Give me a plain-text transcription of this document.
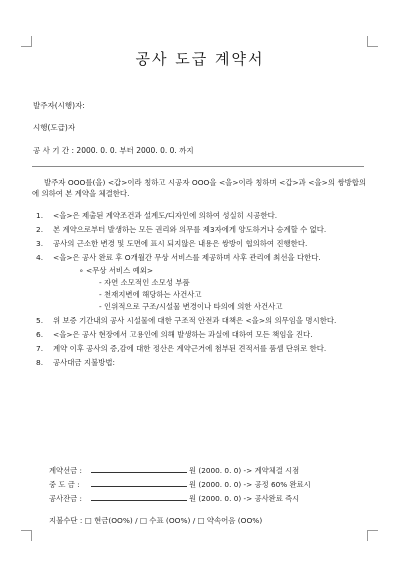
공사 도급 계약서
발주자(시행)자:
시행(도급)자
공 사 기 간 : 2000. 0. 0. 부터 2000. 0. 0. 까지

발주자 OOO를(을) <갑>이라 칭하고 시공자 OOO을 <을>이라 칭하며 <갑>과 <을>의 쌍방합의에 의하여 본 계약을 체결한다.

1. <을>은 제출된 계약조건과 설계도/디자인에 의하여 성실히 시공한다.
2. 본 계약으로부터 발생하는 모든 권리와 의무를 제3자에게 양도하거나 승계할 수 없다.
3. 공사의 근소한 변경 및 도면에 표시 되지않은 내용은 쌍방이 협의하여 진행한다.
4. <을>은 공사 완료 후 O개월간 무상 서비스를 제공하며 사후 관리에 최선을 다한다.
∘ <무상 서비스 예외>
- 자연 소모적인 소모성 부품
- 천재지변에 해당하는 사건사고
- 인위적으로 구조/시설물 변경이나 타의에 의한 사건사고
5. 위 보증 기간내의 공사 시설물에 대한 구조적 안전과 대책은 <을>의 의무임을 명시한다.
6. <을>은 공사 현장에서 고용인에 의해 발생하는 과실에 대하여 모든 책임을 진다.
7. 계약 이후 공사의 증,감에 대한 정산은 계약근거에 첨부된 견적서를 품셈 단위로 한다.
8. 공사대금 지불방법:
계약선금 :	원 (2000. 0. 0) -> 계약체결 시점
중 도 금 :	원 (2000. 0. 0) -> 공정 60% 완료시
공사잔금 :	원 (2000. 0. 0) -> 공사완료 즉시
지불수단 : □ 현금(OO%) / □ 수표 (OO%) / □ 약속어음 (OO%)
